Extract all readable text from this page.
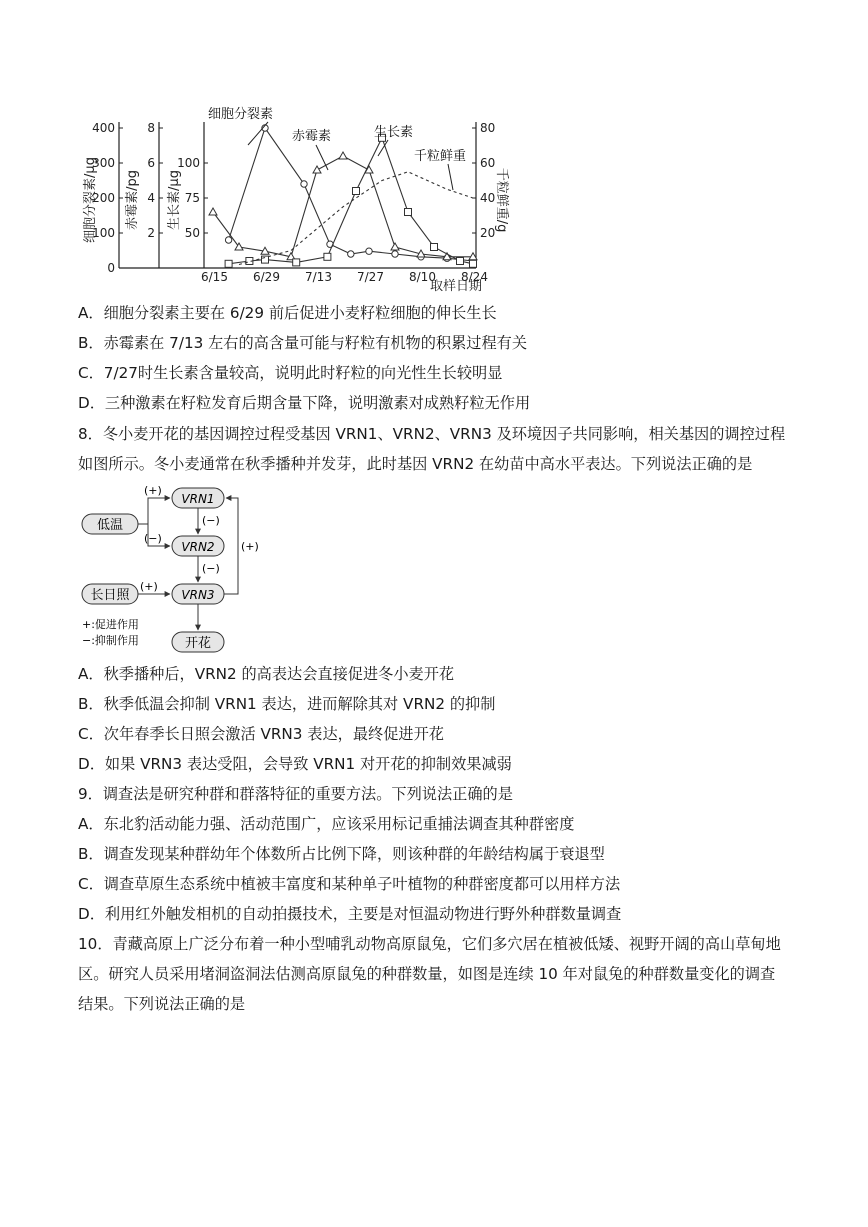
细胞分裂素/μg 赤霉素/pg 生长素/μg	千粒鲜重/g
取样日期
6/15 6/29 7/13 7/27 8/10 8/24
0
100
200
300
400
2
4
6
8
50
75
100
20
40
60
80
细胞分裂素
赤霉素	生长素
千粒鲜重
A．细胞分裂素主要在 6/29 前后促进小麦籽粒细胞的伸长生长
B．赤霉素在 7/13 左右的高含量可能与籽粒有机物的积累过程有关
C．7/27时生长素含量较高，说明此时籽粒的向光性生长较明显
D．三种激素在籽粒发育后期含量下降，说明激素对成熟籽粒无作用
8．冬小麦开花的基因调控过程受基因 VRN1、VRN2、VRN3 及环境因子共同影响，相关基因的调控过程
如图所示。冬小麦通常在秋季播种并发芽，此时基因 VRN2 在幼苗中高水平表达。下列说法正确的是
低温
VRN1
VRN2
长日照	VRN3
开花
(+)
(−)
(−)
(−)
(+)
(+)
+:促进作用
−:抑制作用
A．秋季播种后，VRN2 的高表达会直接促进冬小麦开花
B．秋季低温会抑制 VRN1 表达，进而解除其对 VRN2 的抑制
C．次年春季长日照会激活 VRN3 表达，最终促进开花
D．如果 VRN3 表达受阻，会导致 VRN1 对开花的抑制效果减弱
9．调查法是研究种群和群落特征的重要方法。下列说法正确的是
A．东北豹活动能力强、活动范围广，应该采用标记重捕法调查其种群密度
B．调查发现某种群幼年个体数所占比例下降，则该种群的年龄结构属于衰退型
C．调查草原生态系统中植被丰富度和某种单子叶植物的种群密度都可以用样方法
D．利用红外触发相机的自动拍摄技术，主要是对恒温动物进行野外种群数量调查
10．青藏高原上广泛分布着一种小型哺乳动物高原鼠兔，它们多穴居在植被低矮、视野开阔的高山草甸地
区。研究人员采用堵洞盗洞法估测高原鼠兔的种群数量，如图是连续 10 年对鼠兔的种群数量变化的调查
结果。下列说法正确的是
